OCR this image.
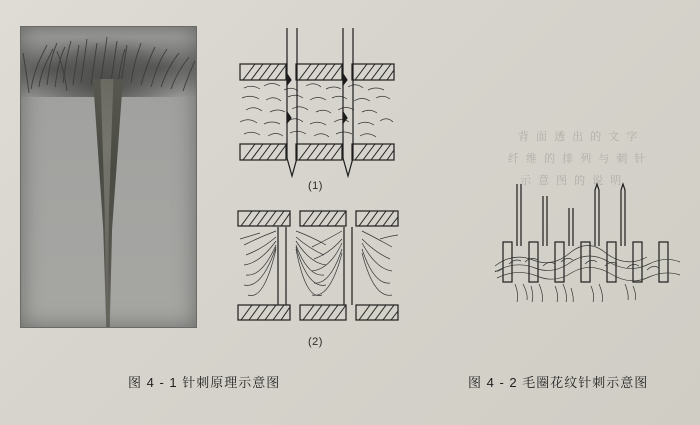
(1)
(2)
图 4 - 1 针刺原理示意图	图 4 - 2 毛圈花纹针刺示意图
背 面 透 出 的 文 字
纤 维 的 排 列 与 刺 针
示 意 图 的 说 明
